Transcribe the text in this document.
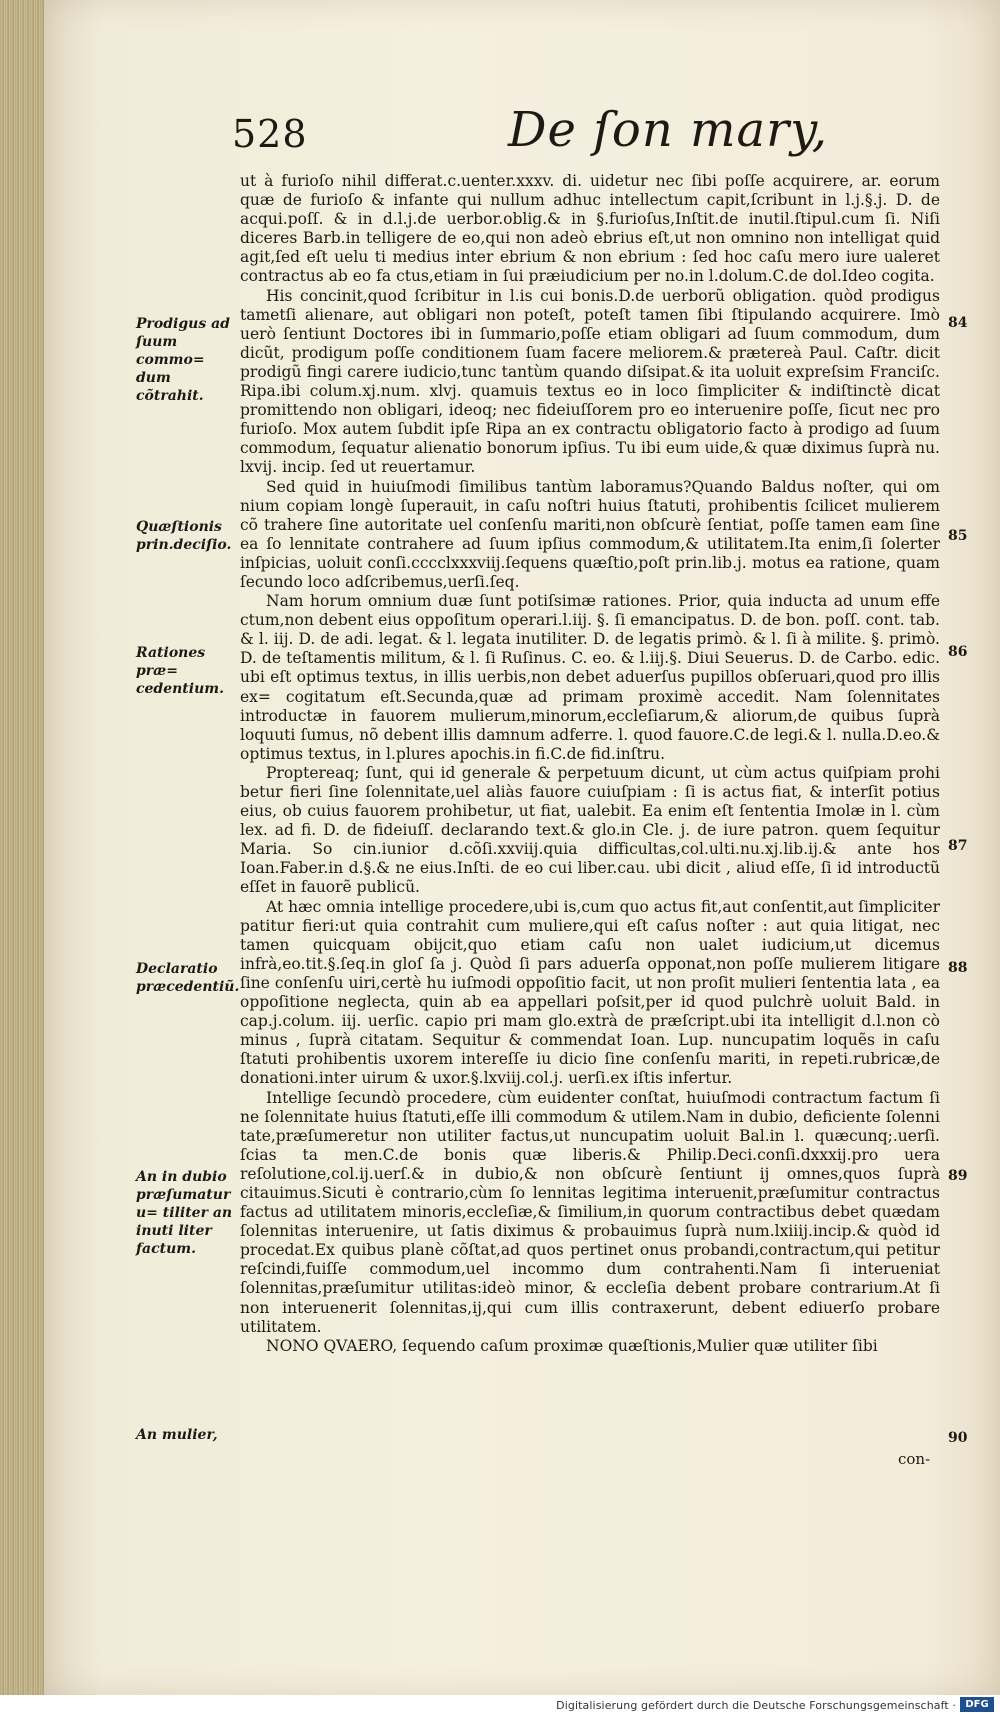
528	De ſon mary,

ut à furioſo nihil differat.c.uenter.xxxv. di. uidetur nec ſibi poſſe acquirere, ar. eorum quæ de furioſo & infante qui nullum adhuc intellectum capit,ſcribunt in l.j.§.j. D. de acqui.poſſ. & in d.l.j.de uerbor.oblig.& in §.furioſus,Inſtit.de inutil.ſtipul.cum ſi. Niſi diceres Barb.in telligere de eo,qui non adeò ebrius eſt,ut non omnino non intelligat quid agit,ſed eſt uelu ti medius inter ebrium & non ebrium : ſed hoc caſu mero iure ualeret contractus ab eo fa ctus,etiam in ſui præiudicium per no.in l.dolum.C.de dol.Ideo cogita.

His concinit,quod ſcribitur in l.is cui bonis.D.de uerborũ obligation. quòd prodigus tametſi alienare, aut obligari non poteſt, poteſt tamen ſibi ſtipulando acquirere. Imò uerò ſentiunt Doctores ibi in ſummario,poſſe etiam obligari ad ſuum commodum, dum dicũt, prodigum poſſe conditionem ſuam facere meliorem.& prætereà Paul. Caſtr. dicit prodigũ fingi carere iudicio,tunc tantùm quando diſsipat.& ita uoluit expreſsim Franciſc. Ripa.ibi colum.xj.num. xlvj. quamuis textus eo in loco ſimpliciter & indiſtinctè dicat promittendo non obligari, ideoq; nec fideiuſſorem pro eo interuenire poſſe, ſicut nec pro furioſo. Mox autem ſubdit ipſe Ripa an ex contractu obligatorio facto à prodigo ad ſuum commodum, ſequatur alienatio bonorum ipſius. Tu ibi eum uide,& quæ diximus ſuprà nu. lxvij. incip. ſed ut reuertamur.

Sed quid in huiuſmodi ſimilibus tantùm laboramus?Quando Baldus noſter, qui om nium copiam longè ſuperauit, in caſu noſtri huius ſtatuti, prohibentis ſcilicet mulierem cõ trahere ſine autoritate uel conſenſu mariti,non obſcurè ſentiat, poſſe tamen eam ſine ea ſo lennitate contrahere ad ſuum ipſius commodum,& utilitatem.Ita enim,ſi ſolerter inſpicias, uoluit conſi.cccclxxxviij.ſequens quæſtio,poſt prin.lib.j. motus ea ratione, quam ſecundo loco adſcribemus,uerſi.ſeq.

Nam horum omnium duæ ſunt potiſsimæ rationes. Prior, quia inducta ad unum effe ctum,non debent eius oppoſitum operari.l.iij. §. ſi emancipatus. D. de bon. poſſ. cont. tab. & l. iij. D. de adi. legat. & l. legata inutiliter. D. de legatis primò. & l. ſi à milite. §. primò. D. de teſtamentis militum, & l. ſi Ruſinus. C. eo. & l.iij.§. Diui Seuerus. D. de Carbo. edic. ubi eſt optimus textus, in illis uerbis,non debet aduerſus pupillos obſeruari,quod pro illis ex= cogitatum eſt.Secunda,quæ ad primam proximè accedit. Nam ſolennitates introductæ in fauorem mulierum,minorum,eccleſiarum,& aliorum,de quibus ſuprà loquuti ſumus, nõ debent illis damnum adferre. l. quod fauore.C.de legi.& l. nulla.D.eo.& optimus textus, in l.plures apochis.in fi.C.de fid.inſtru.

Proptereaq; ſunt, qui id generale & perpetuum dicunt, ut cùm actus quiſpiam prohi betur fieri ſine ſolennitate,uel aliàs fauore cuiuſpiam : ſi is actus fiat, & interſit potius eius, ob cuius fauorem prohibetur, ut fiat, ualebit. Ea enim eſt ſententia Imolæ in l. cùm lex. ad fi. D. de fideiuſſ. declarando text.& glo.in Cle. j. de iure patron. quem ſequitur Maria. So cin.iunior d.cõſi.xxviij.quia difficultas,col.ulti.nu.xj.lib.ij.& ante hos Ioan.Faber.in d.§.& ne eius.Inſti. de eo cui liber.cau. ubi dicit , aliud eſſe, ſi id introductũ eſſet in fauorẽ publicũ.

At hæc omnia intellige procedere,ubi is,cum quo actus fit,aut conſentit,aut ſimpliciter patitur fieri:ut quia contrahit cum muliere,qui eſt caſus noſter : aut quia litigat, nec tamen quicquam obijcit,quo etiam caſu non ualet iudicium,ut dicemus infrà,eo.tit.§.ſeq.in gloſ ſa j. Quòd ſi pars aduerſa opponat,non poſſe mulierem litigare ſine conſenſu uiri,certè hu iuſmodi oppoſitio facit, ut non proſit mulieri ſententia lata , ea oppoſitione neglecta, quin ab ea appellari poſsit,per id quod pulchrè uoluit Bald. in cap.j.colum. iij. uerſic. capio pri mam glo.extrà de præſcript.ubi ita intelligit d.l.non cò minus , ſuprà citatam. Sequitur & commendat Ioan. Lup. nuncupatim loquẽs in caſu ſtatuti prohibentis uxorem intereſſe iu dicio ſine conſenſu mariti, in repeti.rubricæ,de donationi.inter uirum & uxor.§.lxviij.col.j. uerſi.ex iſtis infertur.

Intellige ſecundò procedere, cùm euidenter conſtat, huiuſmodi contractum factum ſi ne ſolennitate huius ſtatuti,eſſe illi commodum & utilem.Nam in dubio, deficiente ſolenni tate,præſumeretur non utiliter factus,ut nuncupatim uoluit Bal.in l. quæcunq;.uerſi. ſcias ta men.C.de bonis quæ liberis.& Philip.Deci.conſi.dxxxij.pro uera reſolutione,col.ij.uerſ.& in dubio,& non obſcurè ſentiunt ij omnes,quos ſuprà citauimus.Sicuti è contrario,cùm ſo lennitas legitima interuenit,præſumitur contractus factus ad utilitatem minoris,eccleſiæ,& ſimilium,in quorum contractibus debet quædam ſolennitas interuenire, ut ſatis diximus & probauimus ſuprà num.lxiiij.incip.& quòd id procedat.Ex quibus planè cõſtat,ad quos pertinet onus probandi,contractum,qui petitur reſcindi,fuiſſe commodum,uel incommo dum contrahenti.Nam ſi interueniat ſolennitas,præſumitur utilitas:ideò minor, & eccleſia debent probare contrarium.At ſi non interuenerit ſolennitas,ij,qui cum illis contraxerunt, debent ediuerſo probare utilitatem.

NONO QVAERO, ſequendo caſum proximæ quæſtionis,Mulier quæ utiliter ſibi

con-
Prodigus ad ſuum commo= dum cõtrahit.
Quæſtionis prin.deciſio.
Rationes præ= cedentium.
Declaratio præcedentiũ.
An in dubio præſumatur u= tiliter an inuti liter factum.
An mulier,
84
85
86
87
88
89
90
Digitalisierung gefördert durch die Deutsche Forschungsgemeinschaft · DFG
